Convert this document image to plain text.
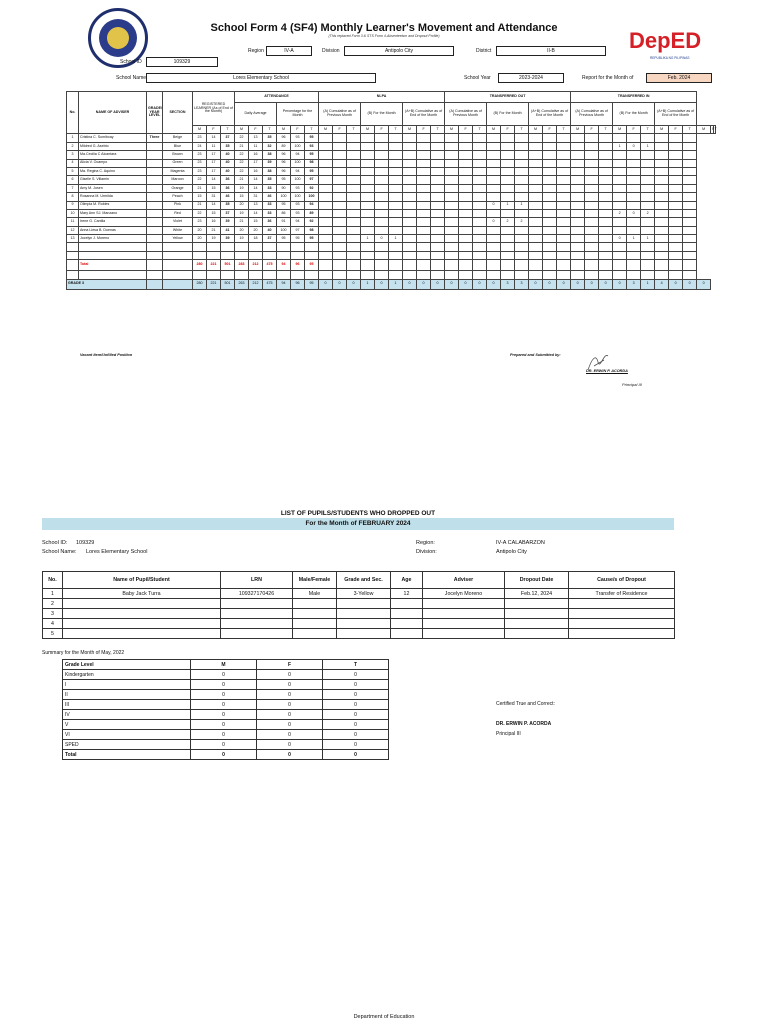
School Form 4 (SF4) Monthly Learner's Movement and Attendance
(This replaced Form 3 & STS Form 4-Absenteeism and Dropout Profile)	DepED
REPUBLIKA NG PILIPINAS
Region	IV-A	Division	Antipolo City	District	II-B
School ID	109329
School Name	Lores Elementary School	School Year	2023-2024	Report for the Month of	Feb. 2024
No.	NAME OF ADVISER	GRADE/ YEAR LEVEL	SECTION	REGISTERED LEARNER (As of End of the Month)			ATTENDANCE						NLPA									TRANSFERRED OUT									TRANSFERRED IN											
							Daily Average			Percentage for the Month			(A) Cumulative as of Previous Month			(B) For the Month			(A+B) Cumulative as of End of the Month			(A) Cumulative as of Previous Month			(B) For the Month			(A+B) Cumulative as of End of the Month			(A) Cumulative as of Previous Month			(B) For the Month			(A+B) Cumulative as of End of the Month					
				M	F	T	M	F	T	M	F	T	M	F	T	M	F	T	M	F	T	M	F	T	M	F	T	M	F	T	M	F	T	M	F	T	M	F	T	M	F	T
1	Cristina C. Sumibcay	Three	Beige	23	14	37	22	13	35	96	93	95																														
2	Mildred G. Asebto		Blue	24	11	35	21	11	32	89	100	93																						1	0	1						
3	Ma.Cecilia C Alcantara		Brown	23	17	40	22	16	38	96	94	95																														
4	Alicia V. Ocampo		Green	23	17	40	22	17	39	96	100	98																														
5	Ma. Regina C. Aquino		Magenta	23	17	40	22	16	38	96	94	95																														
6	Giselle S. Villamin		Maroon	22	14	36	21	14	35	95	100	97																														
7	Amy M. Josen		Orange	21	15	36	19	14	33	90	93	92																														
8	Rosanna M. Urmilda		Peach	15	31	46	15	31	46	100	100	100																														
9	Olimpia M. Robles		Pink	21	14	35	20	13	33	95	93	94													0	1	1															
10	Mary Ann SJ. Manzano		Red	22	15	37	19	14	33	86	93	89																						2	0	2						
11	Irene G. Cantila		Violet	23	16	39	21	15	36	91	94	92													0	2	2															
12	Anna Liesa B. Duenas		White	20	21	41	20	20	40	100	97	98																														
13	Jocelyn J. Moreno		Yellow	20	19	39	19	18	37	95	95	95				1	0	1																0	1	1						

	Total			280	221	501	283	212	475	94	96	95																														

GRADE 3				280	221	501	263	212	475	94	96	95	0	0	0	1	0	1	0	0	0	0	0	0	0	3	3	0	0	0	0	0	0	0	3	1	4	0	0	0		
Vacant Item/Unfilled Position	Prepared and Submitted by:
DR. ERWIN P. ACORDA
Principal III
LIST OF PUPILS/STUDENTS WHO DROPPED OUT
For the Month of FEBRUARY 2024
School ID: 109329
School Name: Lores Elementary School
Region:	IV-A CALABARZON
Division:	Antipolo City
No.	Name of Pupil/Student	LRN	Male/Female	Grade and Sec.	Age	Adviser	Dropout Date	Cause/s of Dropout
1	Baby Jack Turra	109327170426	Male	3-Yellow	12	Jocelyn Moreno	Feb.12, 2024	Transfer of Residence
2								
3								
4								
5								
Summary for the Month of May, 2022
Grade Level	M	F	T
Kindergarten	0	0	0
I	0	0	0
II	0	0	0
III	0	0	0
IV	0	0	0
V	0	0	0
VI	0	0	0
SPED	0	0	0
Total	0	0	0
Certified True and Correct:
DR. ERWIN P. ACORDA
Principal III
Department of Education
